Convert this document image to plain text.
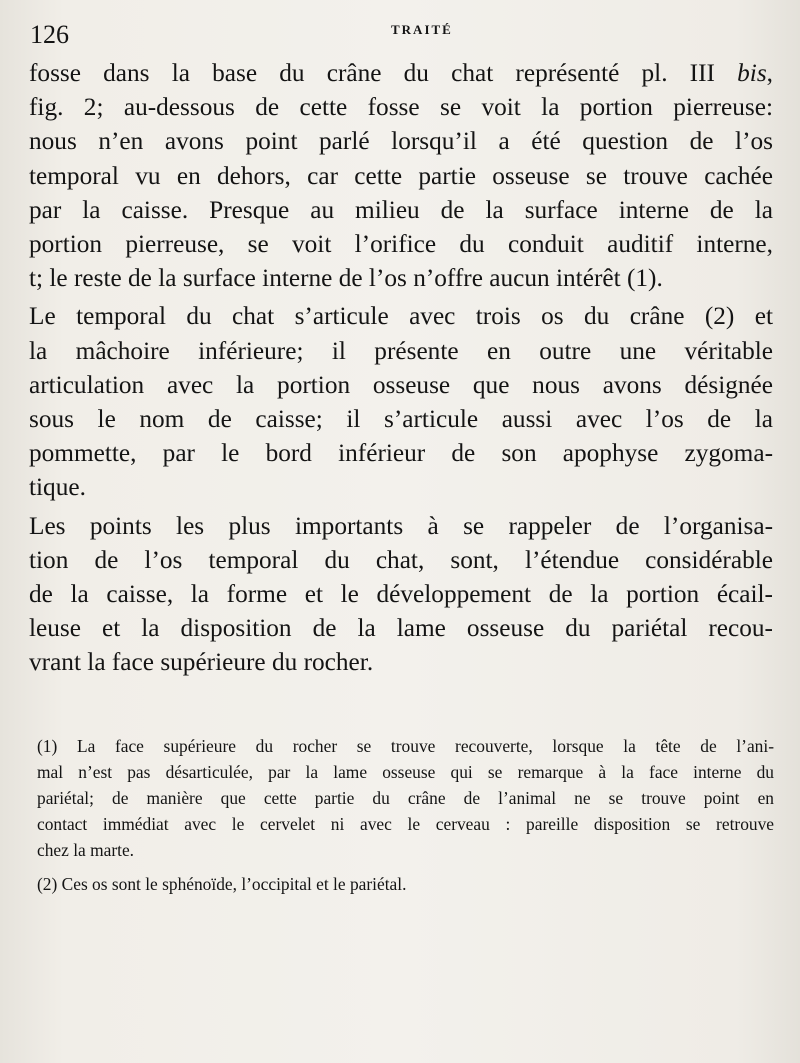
126	TRAITÉ

fosse dans la base du crâne du chat représenté pl. III bis,
fig. 2; au-dessous de cette fosse se voit la portion pierreuse:
nous n’en avons point parlé lorsqu’il a été question de l’os
temporal vu en dehors, car cette partie osseuse se trouve cachée
par la caisse. Presque au milieu de la surface interne de la
portion pierreuse, se voit l’orifice du conduit auditif interne,
t; le reste de la surface interne de l’os n’offre aucun intérêt (1).

Le temporal du chat s’articule avec trois os du crâne (2) et
la mâchoire inférieure; il présente en outre une véritable
articulation avec la portion osseuse que nous avons désignée
sous le nom de caisse; il s’articule aussi avec l’os de la
pommette, par le bord inférieur de son apophyse zygoma-
tique.

Les points les plus importants à se rappeler de l’organisa-
tion de l’os temporal du chat, sont, l’étendue considérable
de la caisse, la forme et le développement de la portion écail-
leuse et la disposition de la lame osseuse du pariétal recou-
vrant la face supérieure du rocher.

(1) La face supérieure du rocher se trouve recouverte, lorsque la tête de l’ani-
mal n’est pas désarticulée, par la lame osseuse qui se remarque à la face interne du
pariétal; de manière que cette partie du crâne de l’animal ne se trouve point en
contact immédiat avec le cervelet ni avec le cerveau : pareille disposition se retrouve
chez la marte.
(2) Ces os sont le sphénoïde, l’occipital et le pariétal.
